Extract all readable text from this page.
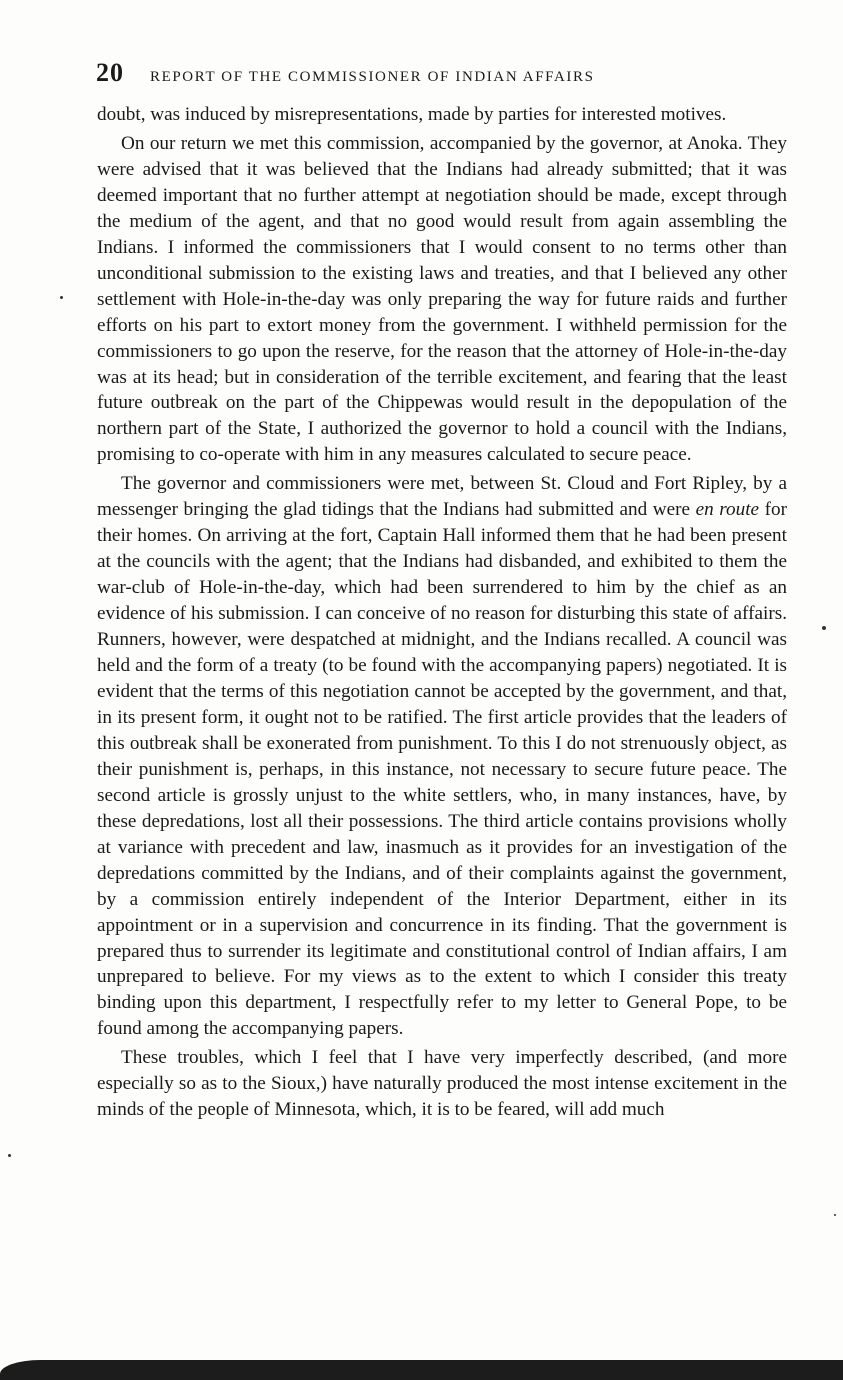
20 REPORT OF THE COMMISSIONER OF INDIAN AFFAIRS

doubt, was induced by misrepresentations, made by parties for interested motives.

On our return we met this commission, accompanied by the governor, at Anoka. They were advised that it was believed that the Indians had already submitted; that it was deemed important that no further attempt at negotiation should be made, except through the medium of the agent, and that no good would result from again assembling the Indians. I informed the commissioners that I would consent to no terms other than unconditional submission to the existing laws and treaties, and that I believed any other settlement with Hole-in-the-day was only preparing the way for future raids and further efforts on his part to extort money from the government. I withheld permission for the commissioners to go upon the reserve, for the reason that the attorney of Hole-in-the-day was at its head; but in consideration of the terrible excitement, and fearing that the least future outbreak on the part of the Chippewas would result in the depopulation of the northern part of the State, I authorized the governor to hold a council with the Indians, promising to co-operate with him in any measures calculated to secure peace.

The governor and commissioners were met, between St. Cloud and Fort Ripley, by a messenger bringing the glad tidings that the Indians had submitted and were en route for their homes. On arriving at the fort, Captain Hall informed them that he had been present at the councils with the agent; that the Indians had disbanded, and exhibited to them the war-club of Hole-in-the-day, which had been surrendered to him by the chief as an evidence of his submission. I can conceive of no reason for disturbing this state of affairs. Runners, however, were despatched at midnight, and the Indians recalled. A council was held and the form of a treaty (to be found with the accompanying papers) negotiated. It is evident that the terms of this negotiation cannot be accepted by the government, and that, in its present form, it ought not to be ratified. The first article provides that the leaders of this outbreak shall be exonerated from punishment. To this I do not strenuously object, as their punishment is, perhaps, in this instance, not necessary to secure future peace. The second article is grossly unjust to the white settlers, who, in many instances, have, by these depredations, lost all their possessions. The third article contains provisions wholly at variance with precedent and law, inasmuch as it provides for an investigation of the depredations committed by the Indians, and of their complaints against the government, by a commission entirely independent of the Interior Department, either in its appointment or in a supervision and concurrence in its finding. That the government is prepared thus to surrender its legitimate and constitutional control of Indian affairs, I am unprepared to believe. For my views as to the extent to which I consider this treaty binding upon this department, I respectfully refer to my letter to General Pope, to be found among the accompanying papers.

These troubles, which I feel that I have very imperfectly described, (and more especially so as to the Sioux,) have naturally produced the most intense excitement in the minds of the people of Minnesota, which, it is to be feared, will add much
